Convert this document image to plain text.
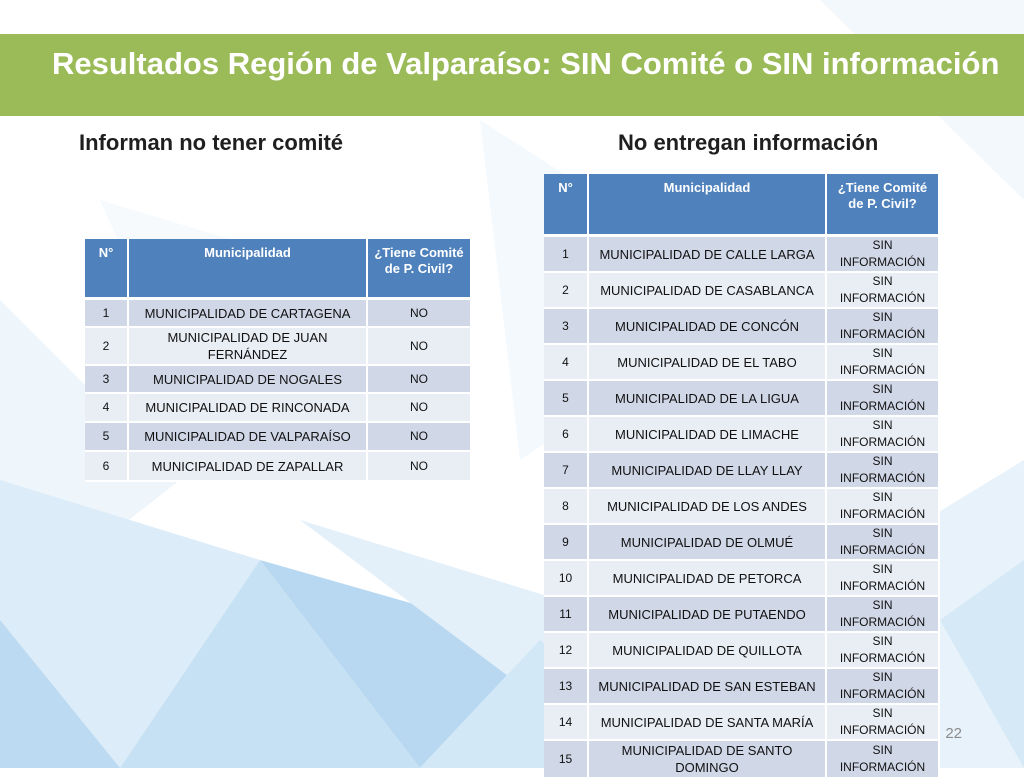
Resultados Región de Valparaíso: SIN Comité o SIN información
Informan no tener comité	No entregan información
N°	Municipalidad	¿Tiene Comité de P. Civil?
1	MUNICIPALIDAD DE CARTAGENA	NO
2	MUNICIPALIDAD DE JUAN FERNÁNDEZ	NO
3	MUNICIPALIDAD DE NOGALES	NO
4	MUNICIPALIDAD DE RINCONADA	NO
5	MUNICIPALIDAD DE VALPARAÍSO	NO
6	MUNICIPALIDAD DE ZAPALLAR	NO
N°	Municipalidad	¿Tiene Comité de P. Civil?
1	MUNICIPALIDAD DE CALLE LARGA	SIN INFORMACIÓN
2	MUNICIPALIDAD DE CASABLANCA	SIN INFORMACIÓN
3	MUNICIPALIDAD DE CONCÓN	SIN INFORMACIÓN
4	MUNICIPALIDAD DE EL TABO	SIN INFORMACIÓN
5	MUNICIPALIDAD DE LA LIGUA	SIN INFORMACIÓN
6	MUNICIPALIDAD DE LIMACHE	SIN INFORMACIÓN
7	MUNICIPALIDAD DE LLAY LLAY	SIN INFORMACIÓN
8	MUNICIPALIDAD DE LOS ANDES	SIN INFORMACIÓN
9	MUNICIPALIDAD DE OLMUÉ	SIN INFORMACIÓN
10	MUNICIPALIDAD DE PETORCA	SIN INFORMACIÓN
11	MUNICIPALIDAD DE PUTAENDO	SIN INFORMACIÓN
12	MUNICIPALIDAD DE QUILLOTA	SIN INFORMACIÓN
13	MUNICIPALIDAD DE SAN ESTEBAN	SIN INFORMACIÓN
14	MUNICIPALIDAD DE SANTA MARÍA	SIN INFORMACIÓN
15	MUNICIPALIDAD DE SANTO DOMINGO	SIN INFORMACIÓN
22
